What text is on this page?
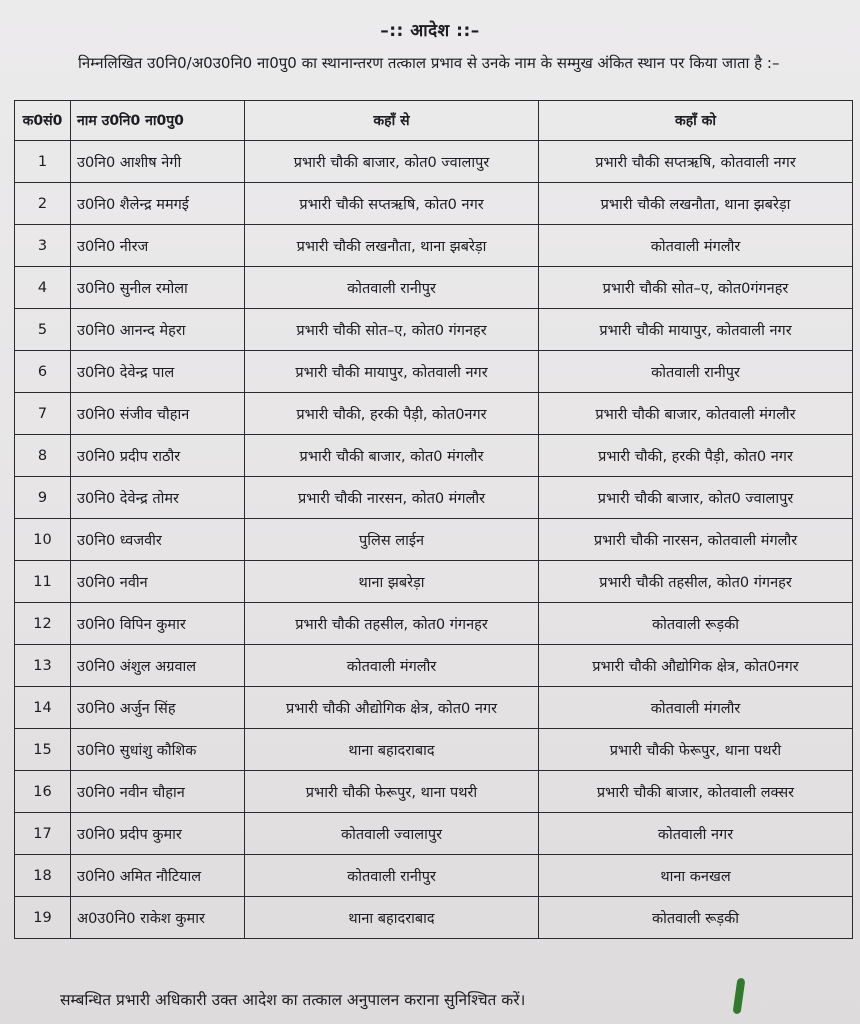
–:: आदेश ::–
निम्नलिखित उ0नि0/अ0उ0नि0 ना0पु0 का स्थानान्तरण तत्काल प्रभाव से उनके नाम के सम्मुख अंकित स्थान पर किया जाता है :–
क0सं0	नाम उ0नि0 ना0पु0	कहाँ से	कहाँ को
1	उ0नि0 आशीष नेगी	प्रभारी चौकी बाजार, कोत0 ज्वालापुर	प्रभारी चौकी सप्तऋषि, कोतवाली नगर
2	उ0नि0 शैलेन्द्र ममगई	प्रभारी चौकी सप्तऋषि, कोत0 नगर	प्रभारी चौकी लखनौता, थाना झबरेड़ा
3	उ0नि0 नीरज	प्रभारी चौकी लखनौता, थाना झबरेड़ा	कोतवाली मंगलौर
4	उ0नि0 सुनील रमोला	कोतवाली रानीपुर	प्रभारी चौकी सोत–ए, कोत0गंगनहर
5	उ0नि0 आनन्द मेहरा	प्रभारी चौकी सोत–ए, कोत0 गंगनहर	प्रभारी चौकी मायापुर, कोतवाली नगर
6	उ0नि0 देवेन्द्र पाल	प्रभारी चौकी मायापुर, कोतवाली नगर	कोतवाली रानीपुर
7	उ0नि0 संजीव चौहान	प्रभारी चौकी, हरकी पैड़ी, कोत0नगर	प्रभारी चौकी बाजार, कोतवाली मंगलौर
8	उ0नि0 प्रदीप राठौर	प्रभारी चौकी बाजार, कोत0 मंगलौर	प्रभारी चौकी, हरकी पैड़ी, कोत0 नगर
9	उ0नि0 देवेन्द्र तोमर	प्रभारी चौकी नारसन, कोत0 मंगलौर	प्रभारी चौकी बाजार, कोत0 ज्वालापुर
10	उ0नि0 ध्वजवीर	पुलिस लाईन	प्रभारी चौकी नारसन, कोतवाली मंगलौर
11	उ0नि0 नवीन	थाना झबरेड़ा	प्रभारी चौकी तहसील, कोत0 गंगनहर
12	उ0नि0 विपिन कुमार	प्रभारी चौकी तहसील, कोत0 गंगनहर	कोतवाली रूड़की
13	उ0नि0 अंशुल अग्रवाल	कोतवाली मंगलौर	प्रभारी चौकी औद्योगिक क्षेत्र, कोत0नगर
14	उ0नि0 अर्जुन सिंह	प्रभारी चौकी औद्योगिक क्षेत्र, कोत0 नगर	कोतवाली मंगलौर
15	उ0नि0 सुधांशु कौशिक	थाना बहादराबाद	प्रभारी चौकी फेरूपुर, थाना पथरी
16	उ0नि0 नवीन चौहान	प्रभारी चौकी फेरूपुर, थाना पथरी	प्रभारी चौकी बाजार, कोतवाली लक्सर
17	उ0नि0 प्रदीप कुमार	कोतवाली ज्वालापुर	कोतवाली नगर
18	उ0नि0 अमित नौटियाल	कोतवाली रानीपुर	थाना कनखल
19	अ0उ0नि0 राकेश कुमार	थाना बहादराबाद	कोतवाली रूड़की
सम्बन्धित प्रभारी अधिकारी उक्त आदेश का तत्काल अनुपालन कराना सुनिश्चित करें।
